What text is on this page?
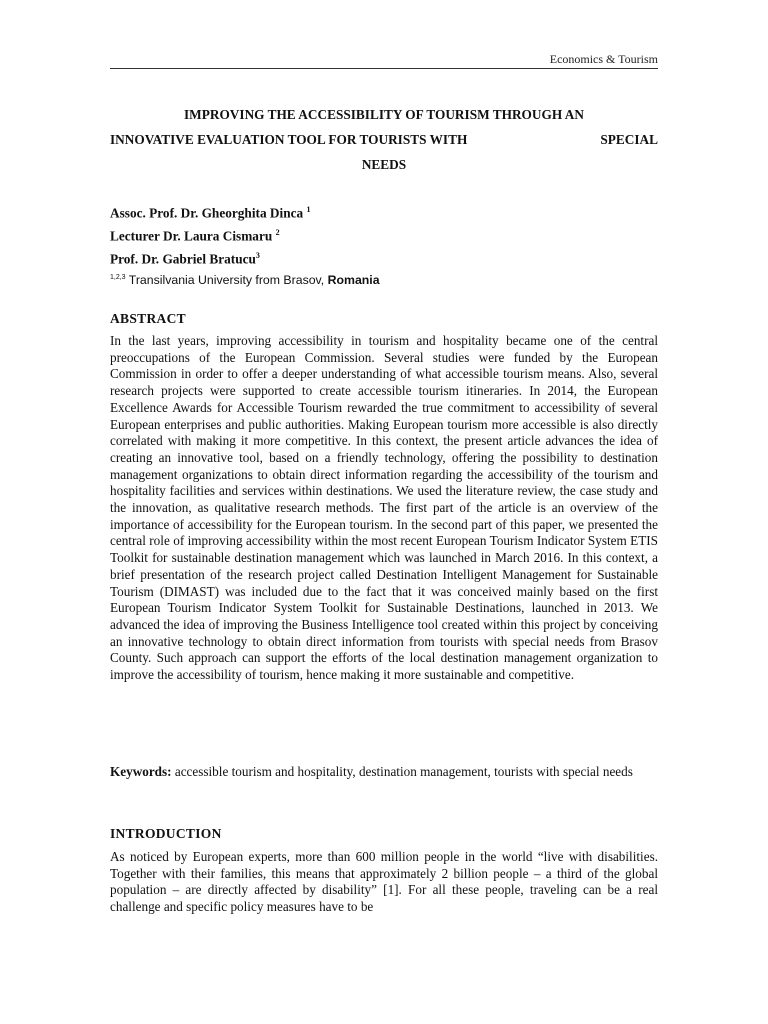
Economics & Tourism
IMPROVING THE ACCESSIBILITY OF TOURISM THROUGH AN
INNOVATIVE EVALUATION TOOL FOR TOURISTS WITH	SPECIAL
NEEDS
Assoc. Prof. Dr. Gheorghita Dinca $^1$
Lecturer Dr. Laura Cismaru $^2$
Prof. Dr. Gabriel Bratucu$^3$
$^{1,2,3}$ Transilvania University from Brasov, Romania
ABSTRACT
In the last years, improving accessibility in tourism and hospitality became one of the central preoccupations of the European Commission. Several studies were funded by the European Commission in order to offer a deeper understanding of what accessible tourism means. Also, several research projects were supported to create accessible tourism itineraries. In 2014, the European Excellence Awards for Accessible Tourism rewarded the true commitment to accessibility of several European enterprises and public authorities. Making European tourism more accessible is also directly correlated with making it more competitive. In this context, the present article advances the idea of creating an innovative tool, based on a friendly technology, offering the possibility to destination management organizations to obtain direct information regarding the accessibility of the tourism and hospitality facilities and services within destinations. We used the literature review, the case study and the innovation, as qualitative research methods. The first part of the article is an overview of the importance of accessibility for the European tourism. In the second part of this paper, we presented the central role of improving accessibility within the most recent European Tourism Indicator System ETIS Toolkit for sustainable destination management which was launched in March 2016. In this context, a brief presentation of the research project called Destination Intelligent Management for Sustainable Tourism (DIMAST) was included due to the fact that it was conceived mainly based on the first European Tourism Indicator System Toolkit for Sustainable Destinations, launched in 2013. We advanced the idea of improving the Business Intelligence tool created within this project by conceiving an innovative technology to obtain direct information from tourists with special needs from Brasov County. Such approach can support the efforts of the local destination management organization to improve the accessibility of tourism, hence making it more sustainable and competitive.
Keywords: accessible tourism and hospitality, destination management, tourists with special needs
INTRODUCTION
As noticed by European experts, more than 600 million people in the world “live with disabilities. Together with their families, this means that approximately 2 billion people – a third of the global population – are directly affected by disability” [1]. For all these people, traveling can be a real challenge and specific policy measures have to be
